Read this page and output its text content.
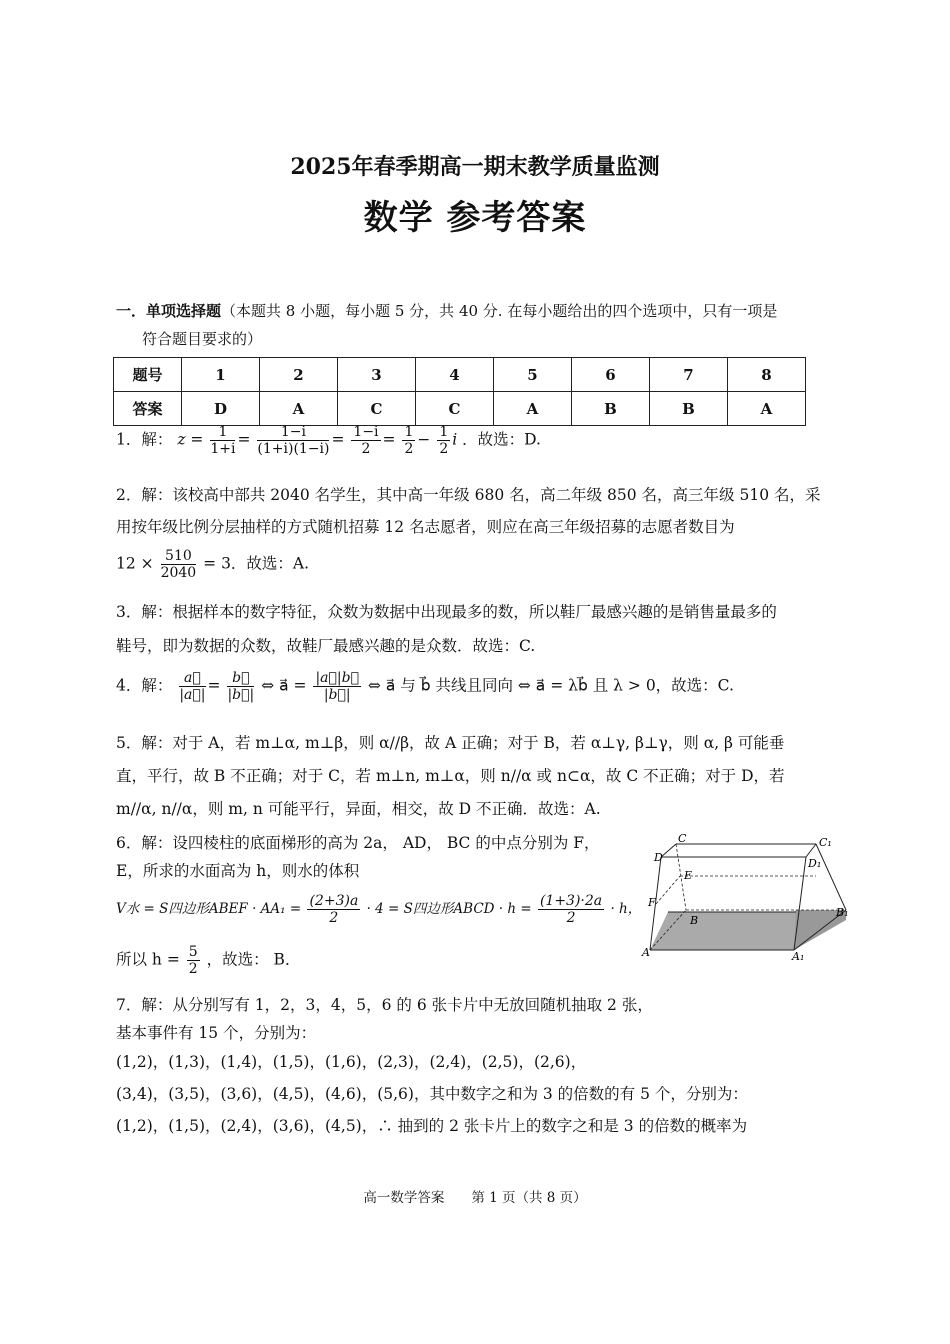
2025年春季期高一期末教学质量监测
数学 参考答案
一．单项选择题（本题共 8 小题，每小题 5 分，共 40 分. 在每小题给出的四个选项中，只有一项是
符合题目要求的）
题号	1	2	3	4	5	6	7	8
答案	D	A	C	C	A	B	B	A
1．解： $z = \frac{1}{1+i} = \frac{1-i}{(1+i)(1-i)} = \frac{1-i}{2} = \frac{1}{2} - \frac{1}{2}$ i ．故选：D.
2．解：该校高中部共 2040 名学生，其中高一年级 680 名，高二年级 850 名，高三年级 510 名，采
用按年级比例分层抽样的方式随机招募 12 名志愿者，则应在高三年级招募的志愿者数目为
$12 \times \frac{510}{2040} = 3$．故选：A.
3．解：根据样本的数字特征，众数为数据中出现最多的数，所以鞋厂最感兴趣的是销售量最多的
鞋号，即为数据的众数，故鞋厂最感兴趣的是众数．故选：C.
4．解： $\frac{a⃗}{|a⃗|} = \frac{b⃗}{|b⃗|}$ ⇔ a⃗ = $\frac{|a⃗|b⃗}{|b⃗|}$ ⇔ a⃗ 与 b⃗ 共线且同向 ⇔ a⃗ = λb⃗ 且 λ > 0，故选：C.
5．解：对于 A，若 m⊥α, m⊥β，则 α//β，故 A 正确；对于 B，若 α⊥γ, β⊥γ，则 α, β 可能垂
直，平行，故 B 不正确；对于 C，若 m⊥n, m⊥α，则 n//α 或 n⊂α，故 C 不正确；对于 D，若
m//α, n//α，则 m, n 可能平行，异面，相交，故 D 不正确．故选：A.
6．解：设四棱柱的底面梯形的高为 2a， AD， BC 的中点分别为 F，
E，所求的水面高为 h，则水的体积
V水 = S四边形ABEF · $AA_1 = \frac{(2+3)a}{2} \cdot 4 = S$四边形ABCD · $h = \frac{(1+3)\cdot 2a}{2} \cdot h$，
所以 $h = \frac{5}{2}$ ，故选： B．
C	C₁
D	D₁
E
F
B
B₁
A	A₁
7．解：从分别写有 1，2，3，4，5，6 的 6 张卡片中无放回随机抽取 2 张，
基本事件有 15 个，分别为：
(1,2)，(1,3)，(1,4)，(1,5)，(1,6)，(2,3)，(2,4)，(2,5)，(2,6)，
(3,4)，(3,5)，(3,6)，(4,5)，(4,6)，(5,6)，其中数字之和为 3 的倍数的有 5 个，分别为：
(1,2)，(1,5)，(2,4)，(3,6)，(4,5)，∴ 抽到的 2 张卡片上的数字之和是 3 的倍数的概率为
高一数学答案　　第 1 页（共 8 页）
